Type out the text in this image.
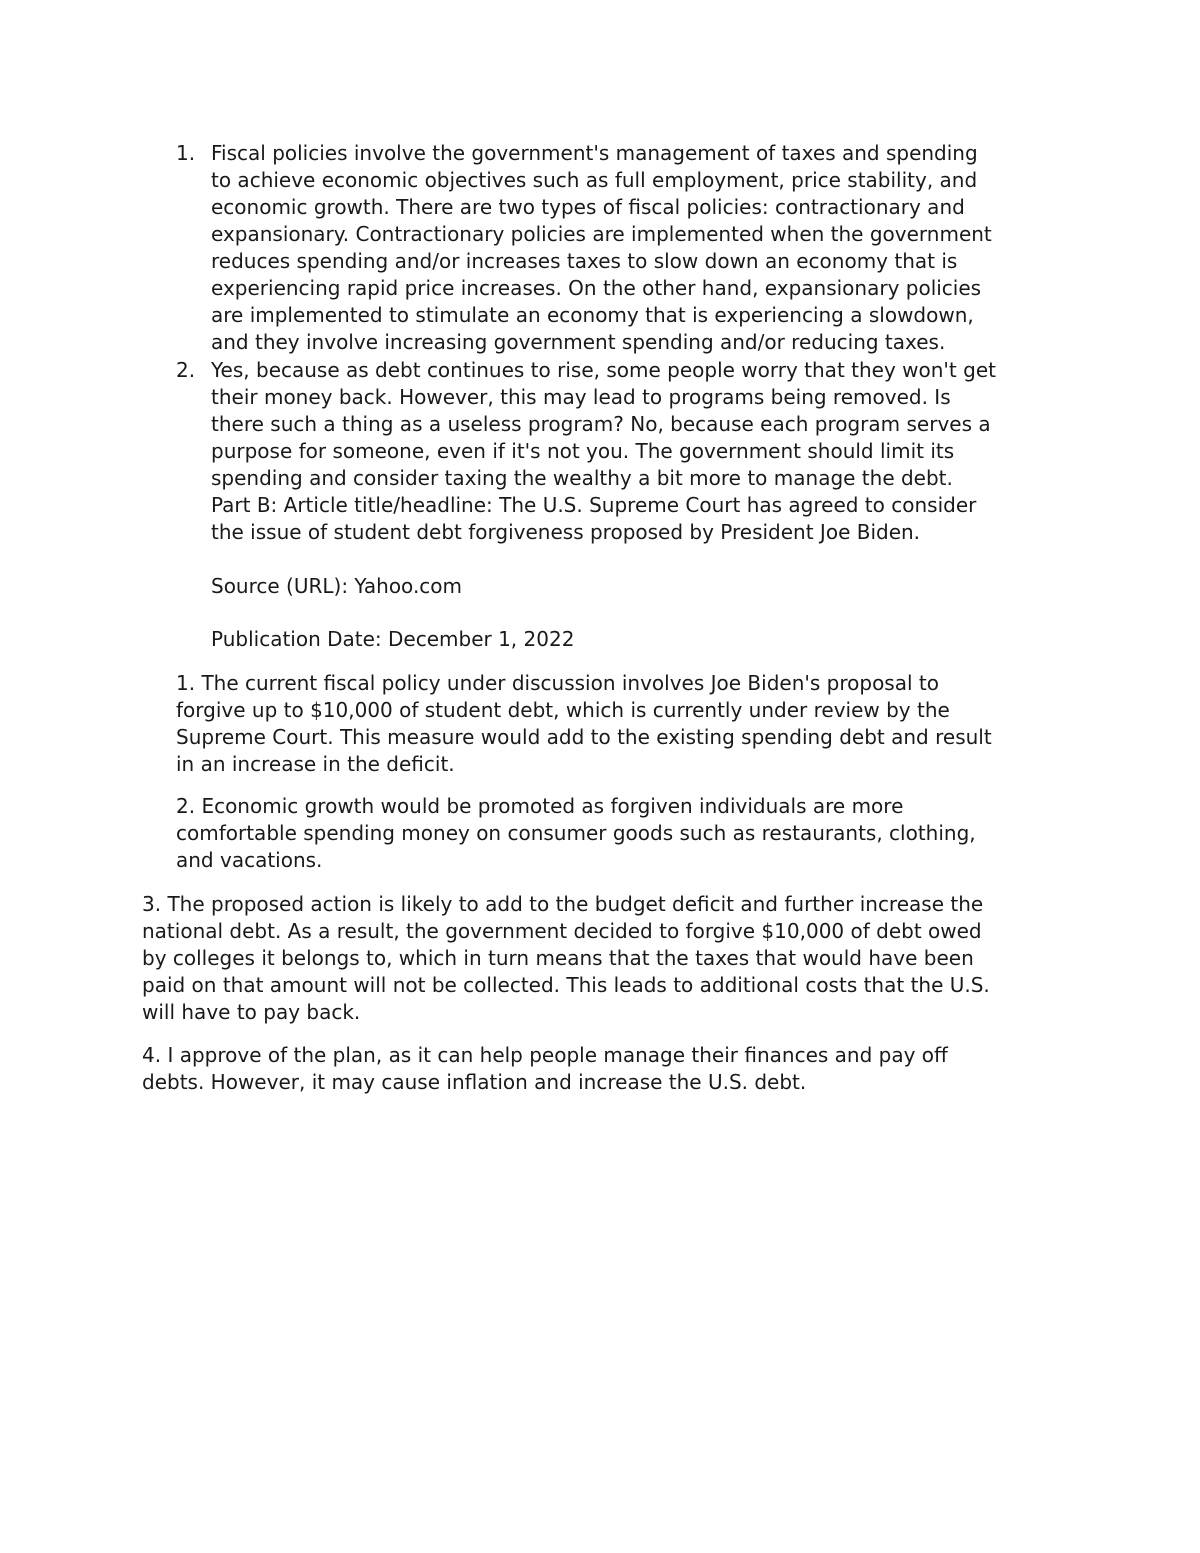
1. Fiscal policies involve the government's management of taxes and spending
to achieve economic objectives such as full employment, price stability, and
economic growth. There are two types of fiscal policies: contractionary and
expansionary. Contractionary policies are implemented when the government
reduces spending and/or increases taxes to slow down an economy that is
experiencing rapid price increases. On the other hand, expansionary policies
are implemented to stimulate an economy that is experiencing a slowdown,
and they involve increasing government spending and/or reducing taxes.
2. Yes, because as debt continues to rise, some people worry that they won't get
their money back. However, this may lead to programs being removed. Is
there such a thing as a useless program? No, because each program serves a
purpose for someone, even if it's not you. The government should limit its
spending and consider taxing the wealthy a bit more to manage the debt.
Part B: Article title/headline: The U.S. Supreme Court has agreed to consider
the issue of student debt forgiveness proposed by President Joe Biden.
Source (URL): Yahoo.com
Publication Date: December 1, 2022
1. The current fiscal policy under discussion involves Joe Biden's proposal to
forgive up to $10,000 of student debt, which is currently under review by the
Supreme Court. This measure would add to the existing spending debt and result
in an increase in the deficit.
2. Economic growth would be promoted as forgiven individuals are more
comfortable spending money on consumer goods such as restaurants, clothing,
and vacations.
3. The proposed action is likely to add to the budget deficit and further increase the
national debt. As a result, the government decided to forgive $10,000 of debt owed
by colleges it belongs to, which in turn means that the taxes that would have been
paid on that amount will not be collected. This leads to additional costs that the U.S.
will have to pay back.
4. I approve of the plan, as it can help people manage their finances and pay off
debts. However, it may cause inflation and increase the U.S. debt.
